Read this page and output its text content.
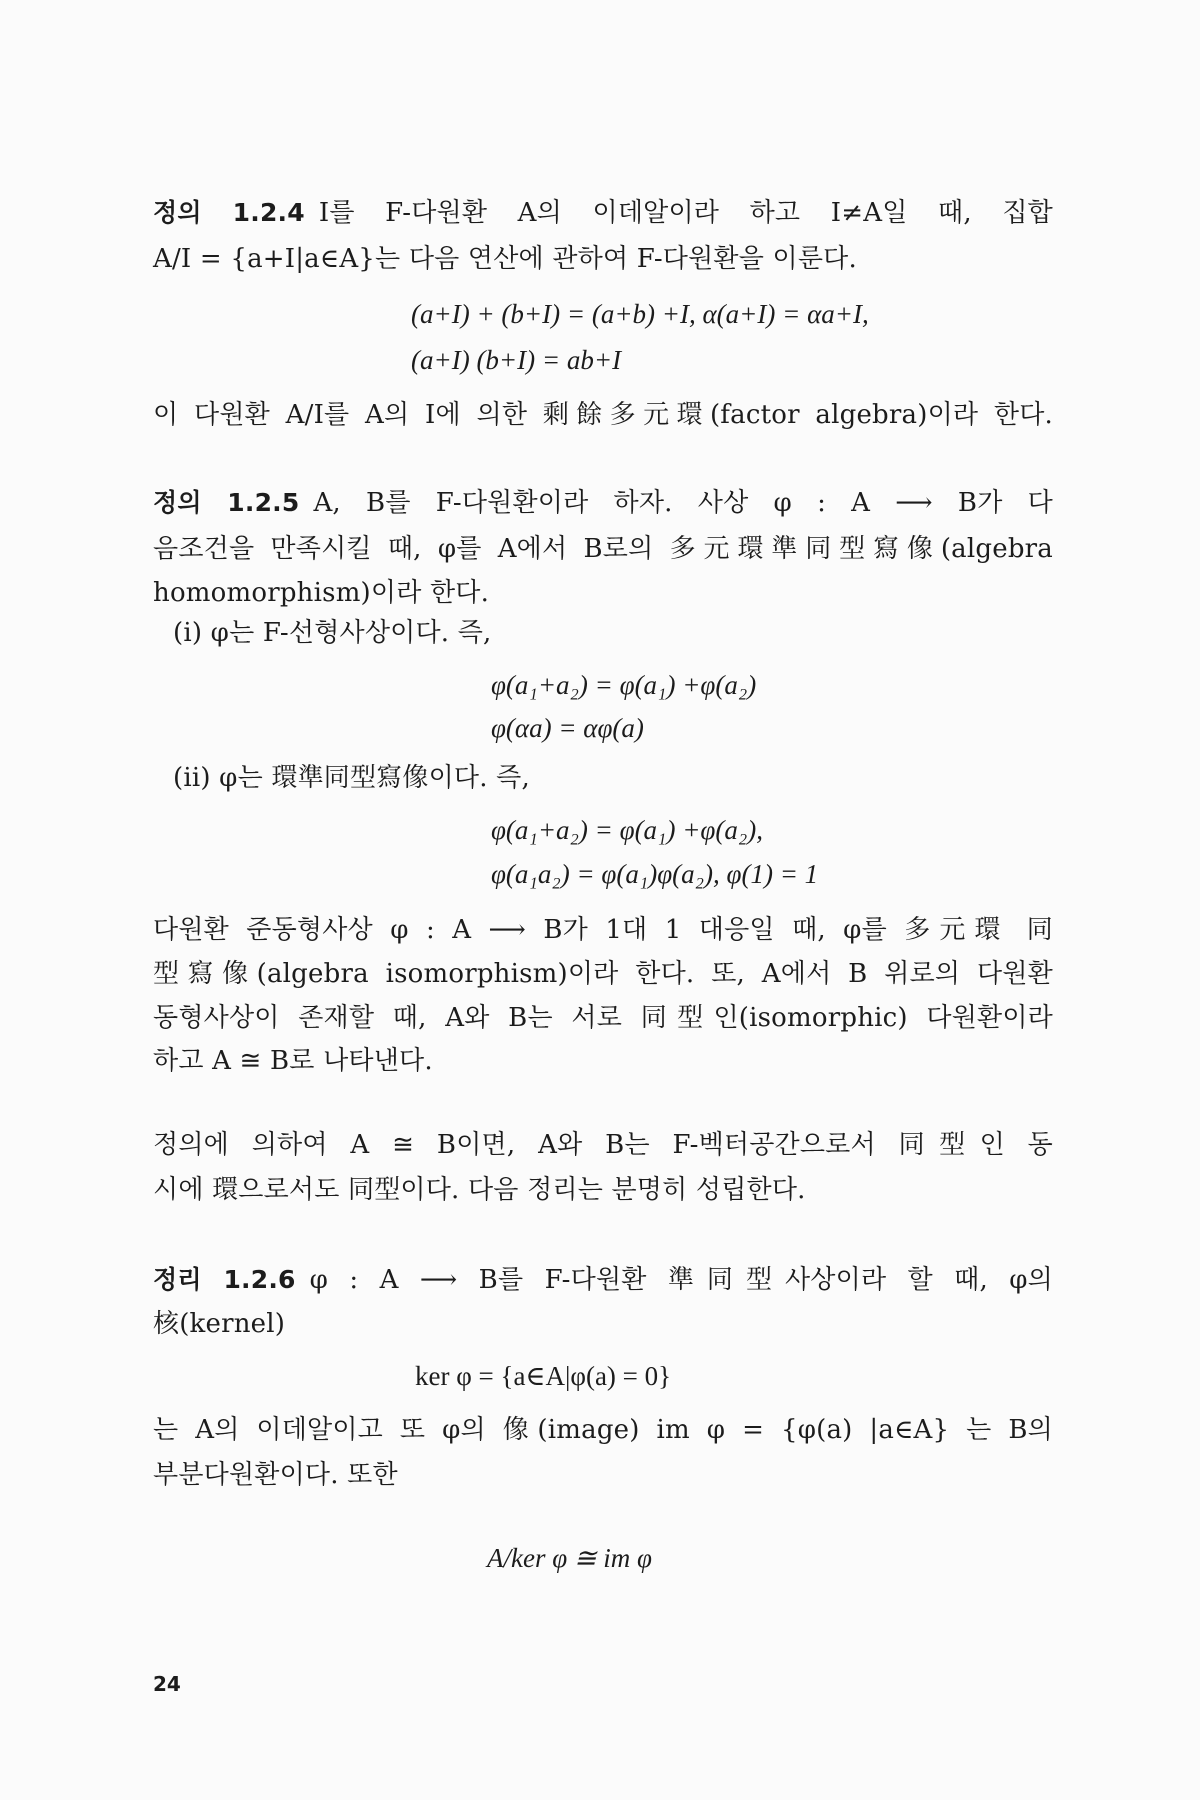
정의 1.2.4 I를 F-다원환 A의 이데알이라 하고 I≠A일 때, 집합
A/I = {a+I|a∈A}는 다음 연산에 관하여 F-다원환을 이룬다.
(a+I) + (b+I) = (a+b) +I, α(a+I) = αa+I,
(a+I) (b+I) = ab+I
이 다원환 A/I를 A의 I에 의한 剩餘多元環(factor algebra)이라 한다.
정의 1.2.5 A, B를 F-다원환이라 하자. 사상 φ : A ⟶ B가 다
음조건을 만족시킬 때, φ를 A에서 B로의 多元環準同型寫像(algebra
homomorphism)이라 한다.
(i) φ는 F-선형사상이다. 즉,
φ(a₁+a₂) = φ(a₁) +φ(a₂)
φ(αa) = αφ(a)
(ii) φ는 環準同型寫像이다. 즉,
φ(a₁+a₂) = φ(a₁) +φ(a₂),
φ(a₁a₂) = φ(a₁)φ(a₂), φ(1) = 1
다원환 준동형사상 φ : A ⟶ B가 1대 1 대응일 때, φ를 多元環 同
型寫像(algebra isomorphism)이라 한다. 또, A에서 B 위로의 다원환
동형사상이 존재할 때, A와 B는 서로 同型인(isomorphic) 다원환이라
하고 A ≅ B로 나타낸다.
정의에 의하여 A ≅ B이면, A와 B는 F-벡터공간으로서 同型인 동
시에 環으로서도 同型이다. 다음 정리는 분명히 성립한다.
정리 1.2.6 φ : A ⟶ B를 F-다원환 準同型사상이라 할 때, φ의
核(kernel)
ker φ = {a∈A|φ(a) = 0}
는 A의 이데알이고 또 φ의 像(image) im φ = {φ(a) |a∈A} 는 B의
부분다원환이다. 또한
A/ker φ ≅ im φ
24
